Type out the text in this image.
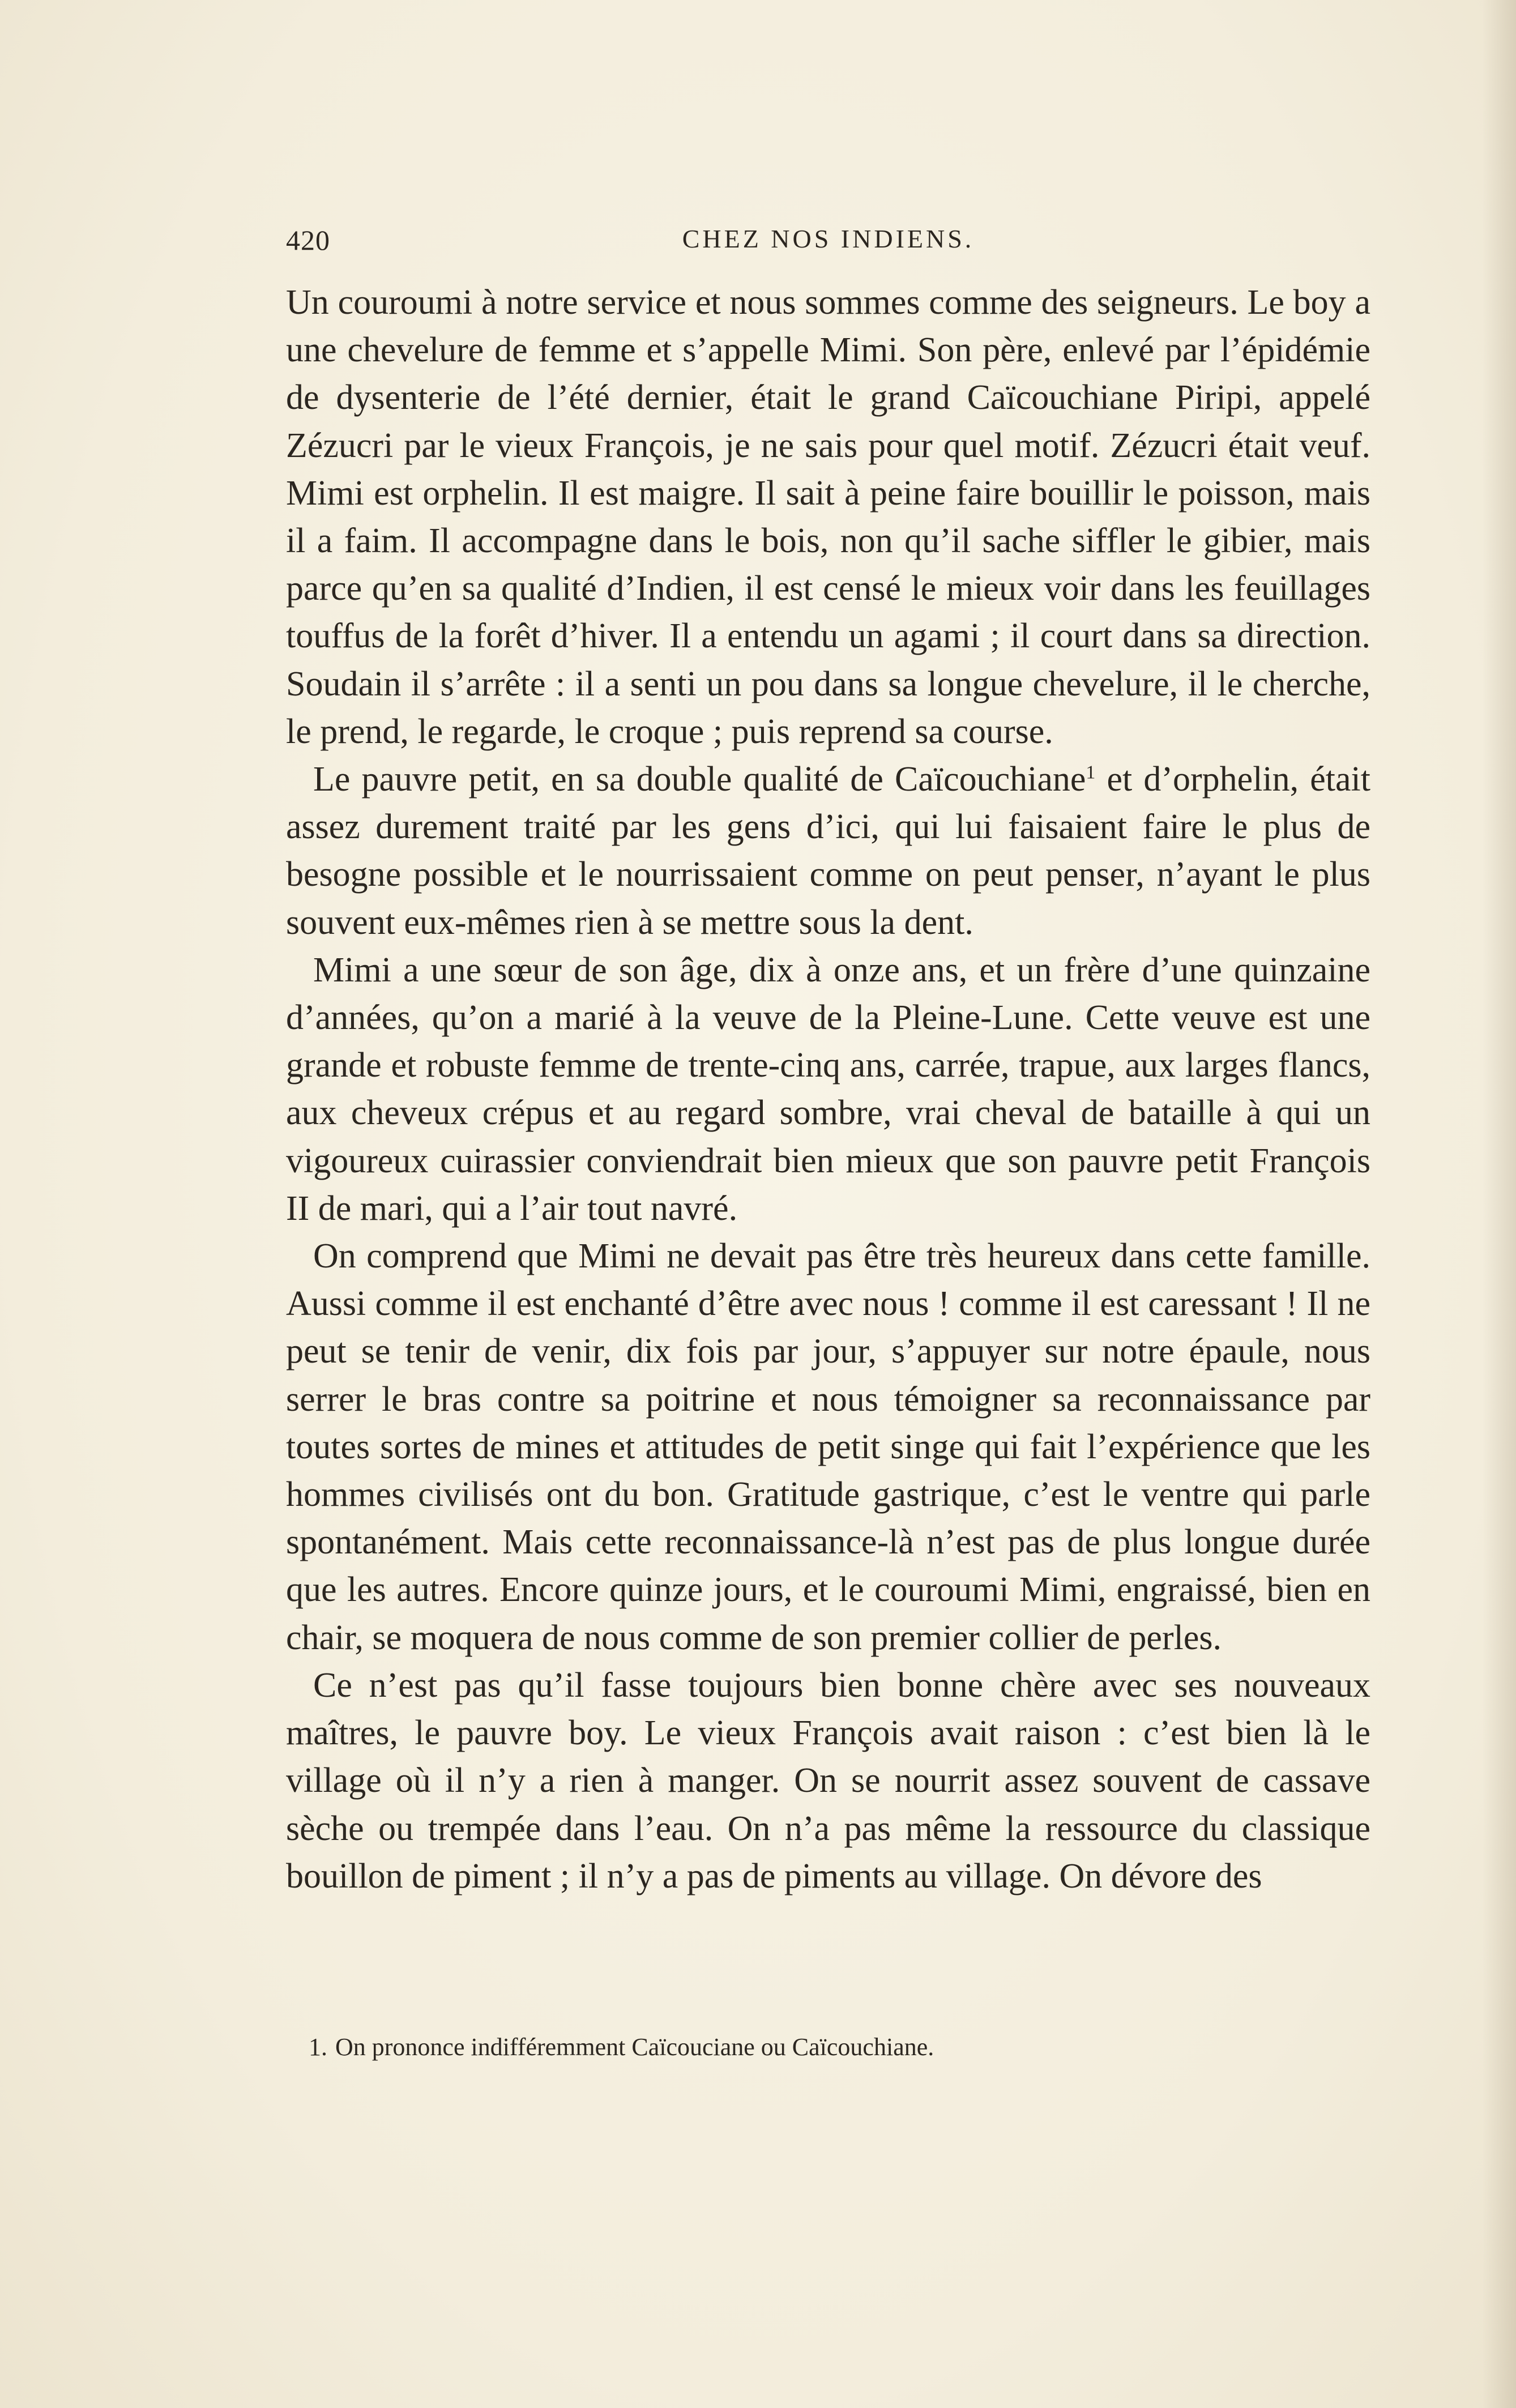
CHEZ NOS INDIENS.
420

Un couroumi à notre service et nous sommes comme des seigneurs. Le boy a une chevelure de femme et s’appelle Mimi. Son père, enlevé par l’épidémie de dysenterie de l’été dernier, était le grand Caïcouchiane Piripi, appelé Zézucri par le vieux François, je ne sais pour quel motif. Zézucri était veuf. Mimi est orphelin. Il est maigre. Il sait à peine faire bouillir le poisson, mais il a faim. Il accompagne dans le bois, non qu’il sache siffler le gibier, mais parce qu’en sa qualité d’Indien, il est censé le mieux voir dans les feuillages touffus de la forêt d’hiver. Il a entendu un agami ; il court dans sa direction. Soudain il s’arrête : il a senti un pou dans sa longue chevelure, il le cherche, le prend, le regarde, le croque ; puis reprend sa course.

Le pauvre petit, en sa double qualité de Caïcouchiane$^1$ et d’orphelin, était assez durement traité par les gens d’ici, qui lui faisaient faire le plus de besogne possible et le nourrissaient comme on peut penser, n’ayant le plus souvent eux-mêmes rien à se mettre sous la dent.

Mimi a une sœur de son âge, dix à onze ans, et un frère d’une quinzaine d’années, qu’on a marié à la veuve de la Pleine-Lune. Cette veuve est une grande et robuste femme de trente-cinq ans, carrée, trapue, aux larges flancs, aux cheveux crépus et au regard sombre, vrai cheval de bataille à qui un vigoureux cuirassier conviendrait bien mieux que son pauvre petit François II de mari, qui a l’air tout navré.

On comprend que Mimi ne devait pas être très heureux dans cette famille. Aussi comme il est enchanté d’être avec nous ! comme il est caressant ! Il ne peut se tenir de venir, dix fois par jour, s’appuyer sur notre épaule, nous serrer le bras contre sa poitrine et nous témoigner sa reconnaissance par toutes sortes de mines et attitudes de petit singe qui fait l’expérience que les hommes civilisés ont du bon. Gratitude gastrique, c’est le ventre qui parle spontanément. Mais cette reconnaissance-là n’est pas de plus longue durée que les autres. Encore quinze jours, et le couroumi Mimi, engraissé, bien en chair, se moquera de nous comme de son premier collier de perles.

Ce n’est pas qu’il fasse toujours bien bonne chère avec ses nouveaux maîtres, le pauvre boy. Le vieux François avait raison : c’est bien là le village où il n’y a rien à manger. On se nourrit assez souvent de cassave sèche ou trempée dans l’eau. On n’a pas même la ressource du classique bouillon de piment ; il n’y a pas de piments au village. On dévore des

1. On prononce indifféremment Caïcouciane ou Caïcouchiane.
